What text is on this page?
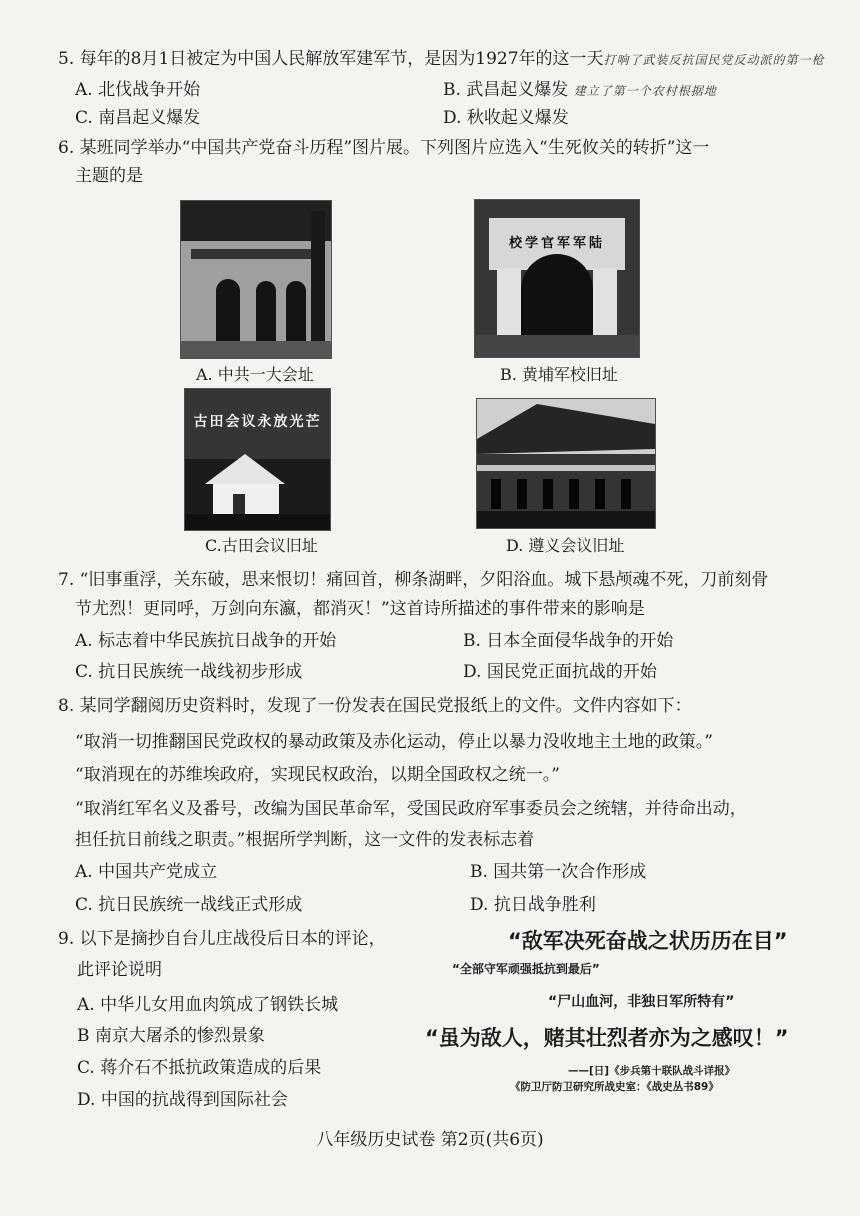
5. 每年的8月1日被定为中国人民解放军建军节，是因为1927年的这一天打响了武装反抗国民党反动派的第一枪
A. 北伐战争开始	B. 武昌起义爆发 建立了第一个农村根据地
C. 南昌起义爆发	D. 秋收起义爆发
6. 某班同学举办“中国共产党奋斗历程”图片展。下列图片应选入“生死攸关的转折”这一
主题的是
A. 中共一大会址
校学官军军陆
B. 黄埔军校旧址
古田会议永放光芒
C.古田会议旧址	D. 遵义会议旧址
7. “旧事重浮，关东破，思来恨切！痛回首，柳条湖畔，夕阳浴血。城下悬颅魂不死，刀前刻骨
节尤烈！更同呼，万剑向东瀛，都消灭！”这首诗所描述的事件带来的影响是
A. 标志着中华民族抗日战争的开始	B. 日本全面侵华战争的开始
C. 抗日民族统一战线初步形成	D. 国民党正面抗战的开始
8. 某同学翻阅历史资料时，发现了一份发表在国民党报纸上的文件。文件内容如下：
“取消一切推翻国民党政权的暴动政策及赤化运动，停止以暴力没收地主土地的政策。”
“取消现在的苏维埃政府，实现民权政治，以期全国政权之统一。”
“取消红军名义及番号，改编为国民革命军，受国民政府军事委员会之统辖，并待命出动，
担任抗日前线之职责。”根据所学判断，这一文件的发表标志着
A. 中国共产党成立	B. 国共第一次合作形成
C. 抗日民族统一战线正式形成	D. 抗日战争胜利
9. 以下是摘抄自台儿庄战役后日本的评论，
此评论说明
A. 中华儿女用血肉筑成了钢铁长城
B 南京大屠杀的惨烈景象
C. 蒋介石不抵抗政策造成的后果
D. 中国的抗战得到国际社会
“敌军决死奋战之状历历在目”
“全部守军顽强抵抗到最后”
“尸山血河，非独日军所特有”
“虽为敌人，赌其壮烈者亦为之感叹！”
——[日]《步兵第十联队战斗详报》
《防卫厅防卫研究所战史室：《战史丛书89》
八年级历史试卷 第2页(共6页)
